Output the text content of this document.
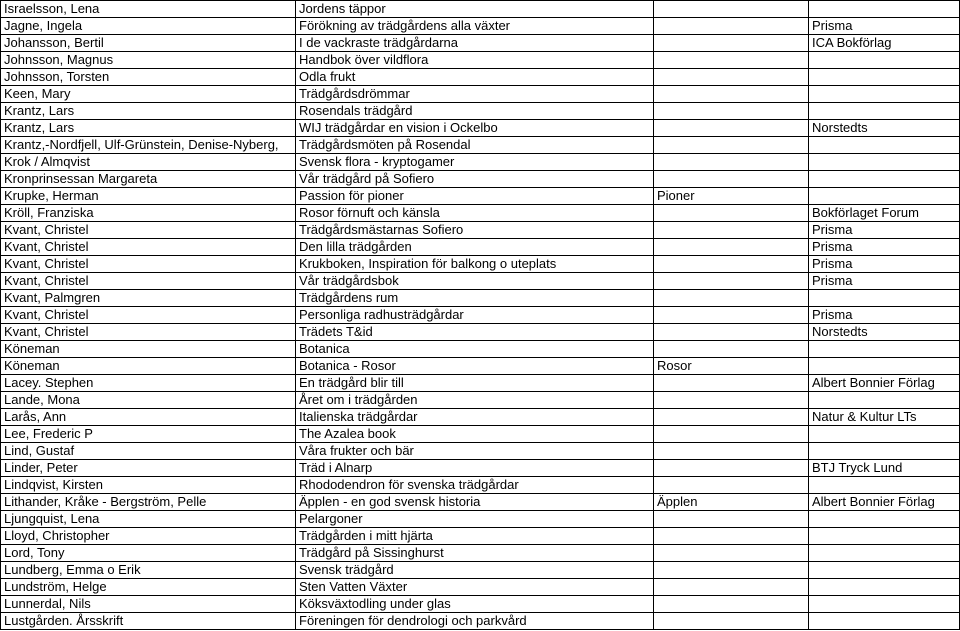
Israelsson, Lena	Jordens täppor		
Jagne, Ingela	Förökning av trädgårdens alla växter		Prisma
Johansson, Bertil	I de vackraste trädgårdarna		ICA Bokförlag
Johnsson, Magnus	Handbok över vildflora		
Johnsson, Torsten	Odla frukt		
Keen, Mary	Trädgårdsdrömmar		
Krantz, Lars	Rosendals trädgård		
Krantz, Lars	WIJ trädgårdar en vision i Ockelbo		Norstedts
Krantz,-Nordfjell, Ulf-Grünstein, Denise-Nyberg,	Trädgårdsmöten på Rosendal		
Krok / Almqvist	Svensk flora - kryptogamer		
Kronprinsessan Margareta	Vår trädgård på Sofiero		
Krupke, Herman	Passion för pioner	Pioner	
Kröll, Franziska	Rosor förnuft och känsla		Bokförlaget Forum
Kvant, Christel	Trädgårdsmästarnas Sofiero		Prisma
Kvant, Christel	Den lilla trädgården		Prisma
Kvant, Christel	Krukboken, Inspiration för balkong o uteplats		Prisma
Kvant, Christel	Vår trädgårdsbok		Prisma
Kvant, Palmgren	Trädgårdens rum		
Kvant, Christel	Personliga radhusträdgårdar		Prisma
Kvant, Christel	Trädets T&id		Norstedts
Köneman	Botanica		
Köneman	Botanica - Rosor	Rosor	
Lacey. Stephen	En trädgård blir till		Albert Bonnier Förlag
Lande, Mona	Året om i trädgården		
Larås, Ann	Italienska trädgårdar		Natur & Kultur LTs
Lee, Frederic P	The Azalea book		
Lind, Gustaf	Våra frukter och bär		
Linder, Peter	Träd i Alnarp		BTJ Tryck Lund
Lindqvist, Kirsten	Rhododendron för svenska trädgårdar		
Lithander, Kråke - Bergström, Pelle	Äpplen - en god svensk historia	Äpplen	Albert Bonnier Förlag
Ljungquist, Lena	Pelargoner		
Lloyd, Christopher	Trädgården i mitt hjärta		
Lord, Tony	Trädgård på Sissinghurst		
Lundberg, Emma o Erik	Svensk trädgård		
Lundström, Helge	Sten Vatten Växter		
Lunnerdal, Nils	Köksväxtodling under glas		
Lustgården. Årsskrift	Föreningen för dendrologi och parkvård		
